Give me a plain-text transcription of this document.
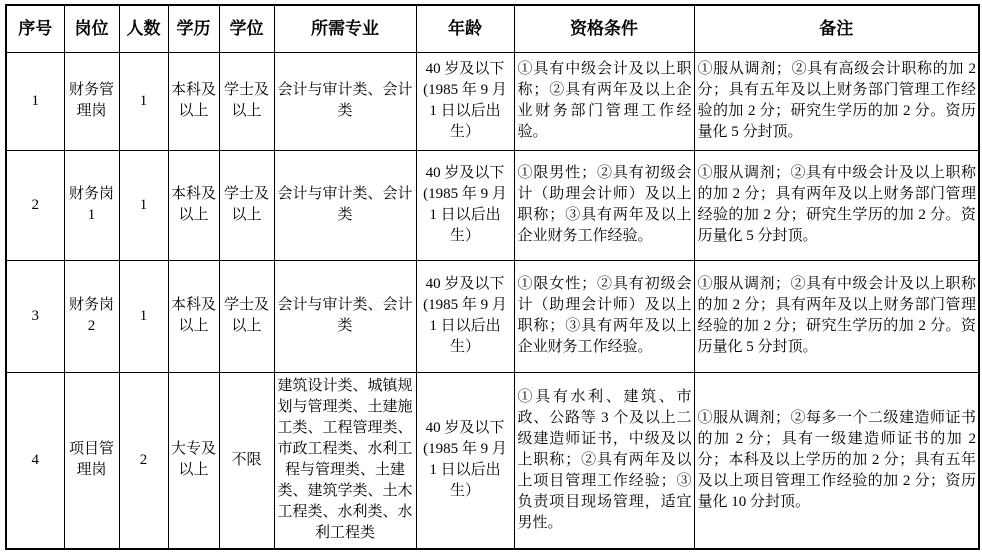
序号	岗位	人数	学历	学位	所需专业	年龄	资格条件	备注
1	财务管理岗	1	本科及以上	学士及以上	会计与审计类、会计类	40 岁及以下(1985 年 9 月 1 日以后出生）	①具有中级会计及以上职称；②具有两年及以上企业财务部门管理工作经验。	①服从调剂；②具有高级会计职称的加 2 分；具有五年及以上财务部门管理工作经验的加 2 分；研究生学历的加 2 分。资历量化 5 分封顶。
2	财务岗1	1	本科及以上	学士及以上	会计与审计类、会计类	40 岁及以下(1985 年 9 月 1 日以后出生）	①限男性；②具有初级会计（助理会计师）及以上职称；③具有两年及以上企业财务工作经验。	①服从调剂；②具有中级会计及以上职称的加 2 分；具有两年及以上财务部门管理经验的加 2 分；研究生学历的加 2 分。资历量化 5 分封顶。
3	财务岗2	1	本科及以上	学士及以上	会计与审计类、会计类	40 岁及以下(1985 年 9 月 1 日以后出生）	①限女性；②具有初级会计（助理会计师）及以上职称；③具有两年及以上企业财务工作经验。	①服从调剂；②具有中级会计及以上职称的加 2 分；具有两年及以上财务部门管理经验的加 2 分；研究生学历的加 2 分。资历量化 5 分封顶。
4	项目管理岗	2	大专及以上	不限	建筑设计类、城镇规划与管理类、土建施工类、工程管理类、市政工程类、水利工程与管理类、土建类、建筑学类、土木工程类、水利类、水利工程类	40 岁及以下(1985 年 9 月 1 日以后出生）	①具有水利、建筑、市政、公路等 3 个及以上二级建造师证书，中级及以上职称；②具有两年及以上项目管理工作经验；③负责项目现场管理，适宜男性。	①服从调剂；②每多一个二级建造师证书的加 2 分；具有一级建造师证书的加 2 分；本科及以上学历的加 2 分；具有五年及以上项目管理工作经验的加 2 分；资历量化 10 分封顶。
